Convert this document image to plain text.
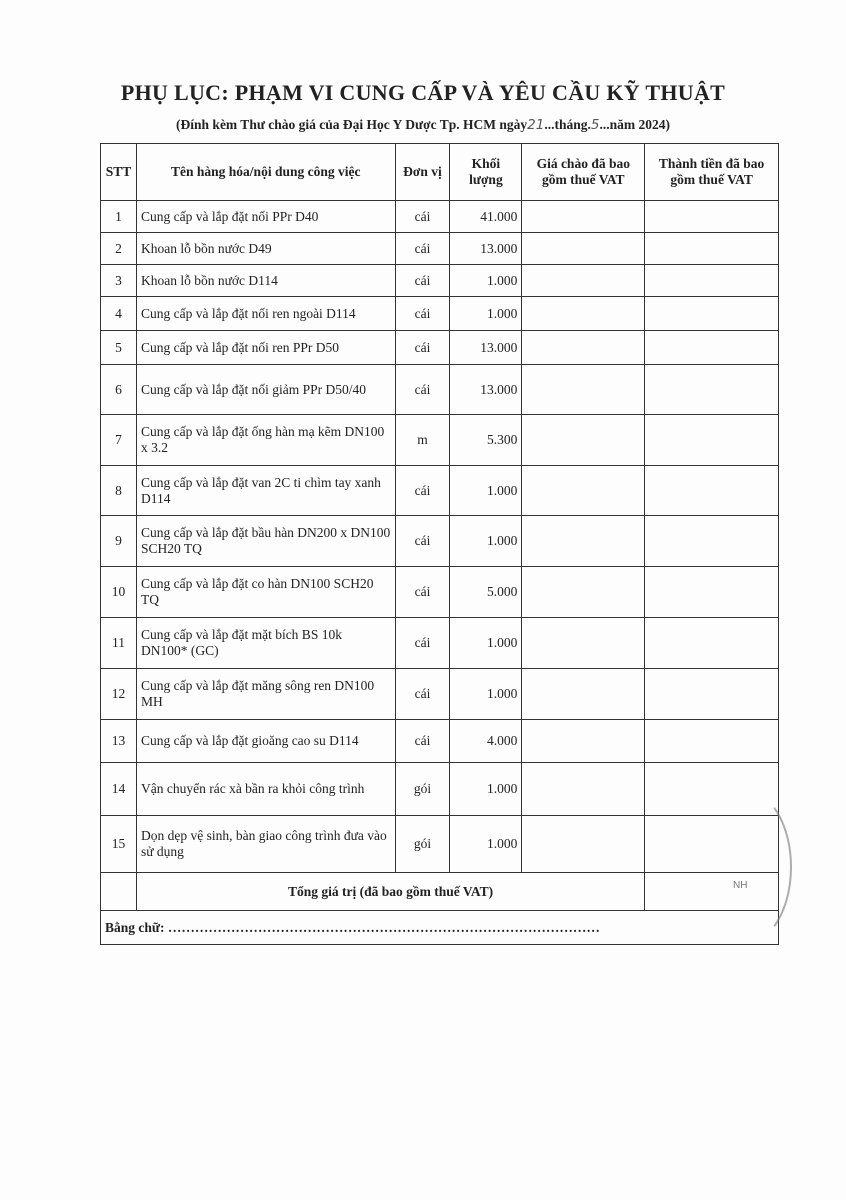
PHỤ LỤC: PHẠM VI CUNG CẤP VÀ YÊU CẦU KỸ THUẬT
(Đính kèm Thư chào giá của Đại Học Y Dược Tp. HCM ngày21...tháng.5...năm 2024)
STT	Tên hàng hóa/nội dung công việc	Đơn vị	Khối lượng	Giá chào đã bao gồm thuế VAT	Thành tiền đã bao gồm thuế VAT
1	Cung cấp và lắp đặt nối PPr D40	cái	41.000		
2	Khoan lỗ bồn nước D49	cái	13.000		
3	Khoan lỗ bồn nước D114	cái	1.000		
4	Cung cấp và lắp đặt nối ren ngoài D114	cái	1.000		
5	Cung cấp và lắp đặt nối ren PPr D50	cái	13.000		
6	Cung cấp và lắp đặt nối giảm PPr D50/40	cái	13.000		
7	Cung cấp và lắp đặt ống hàn mạ kẽm DN100 x 3.2	m	5.300		
8	Cung cấp và lắp đặt van 2C ti chìm tay xanh D114	cái	1.000		
9	Cung cấp và lắp đặt bầu hàn DN200 x DN100 SCH20 TQ	cái	1.000		
10	Cung cấp và lắp đặt co hàn DN100 SCH20 TQ	cái	5.000		
11	Cung cấp và lắp đặt mặt bích BS 10k DN100* (GC)	cái	1.000		
12	Cung cấp và lắp đặt măng sông ren DN100 MH	cái	1.000		
13	Cung cấp và lắp đặt gioăng cao su D114	cái	4.000		
14	Vận chuyển rác xà bần ra khỏi công trình	gói	1.000		
15	Dọn dẹp vệ sinh, bàn giao công trình đưa vào sử dụng	gói	1.000		
	Tổng giá trị (đã bao gồm thuế VAT)				
Bằng chữ: ……………………………………………………………………………………					
NH
